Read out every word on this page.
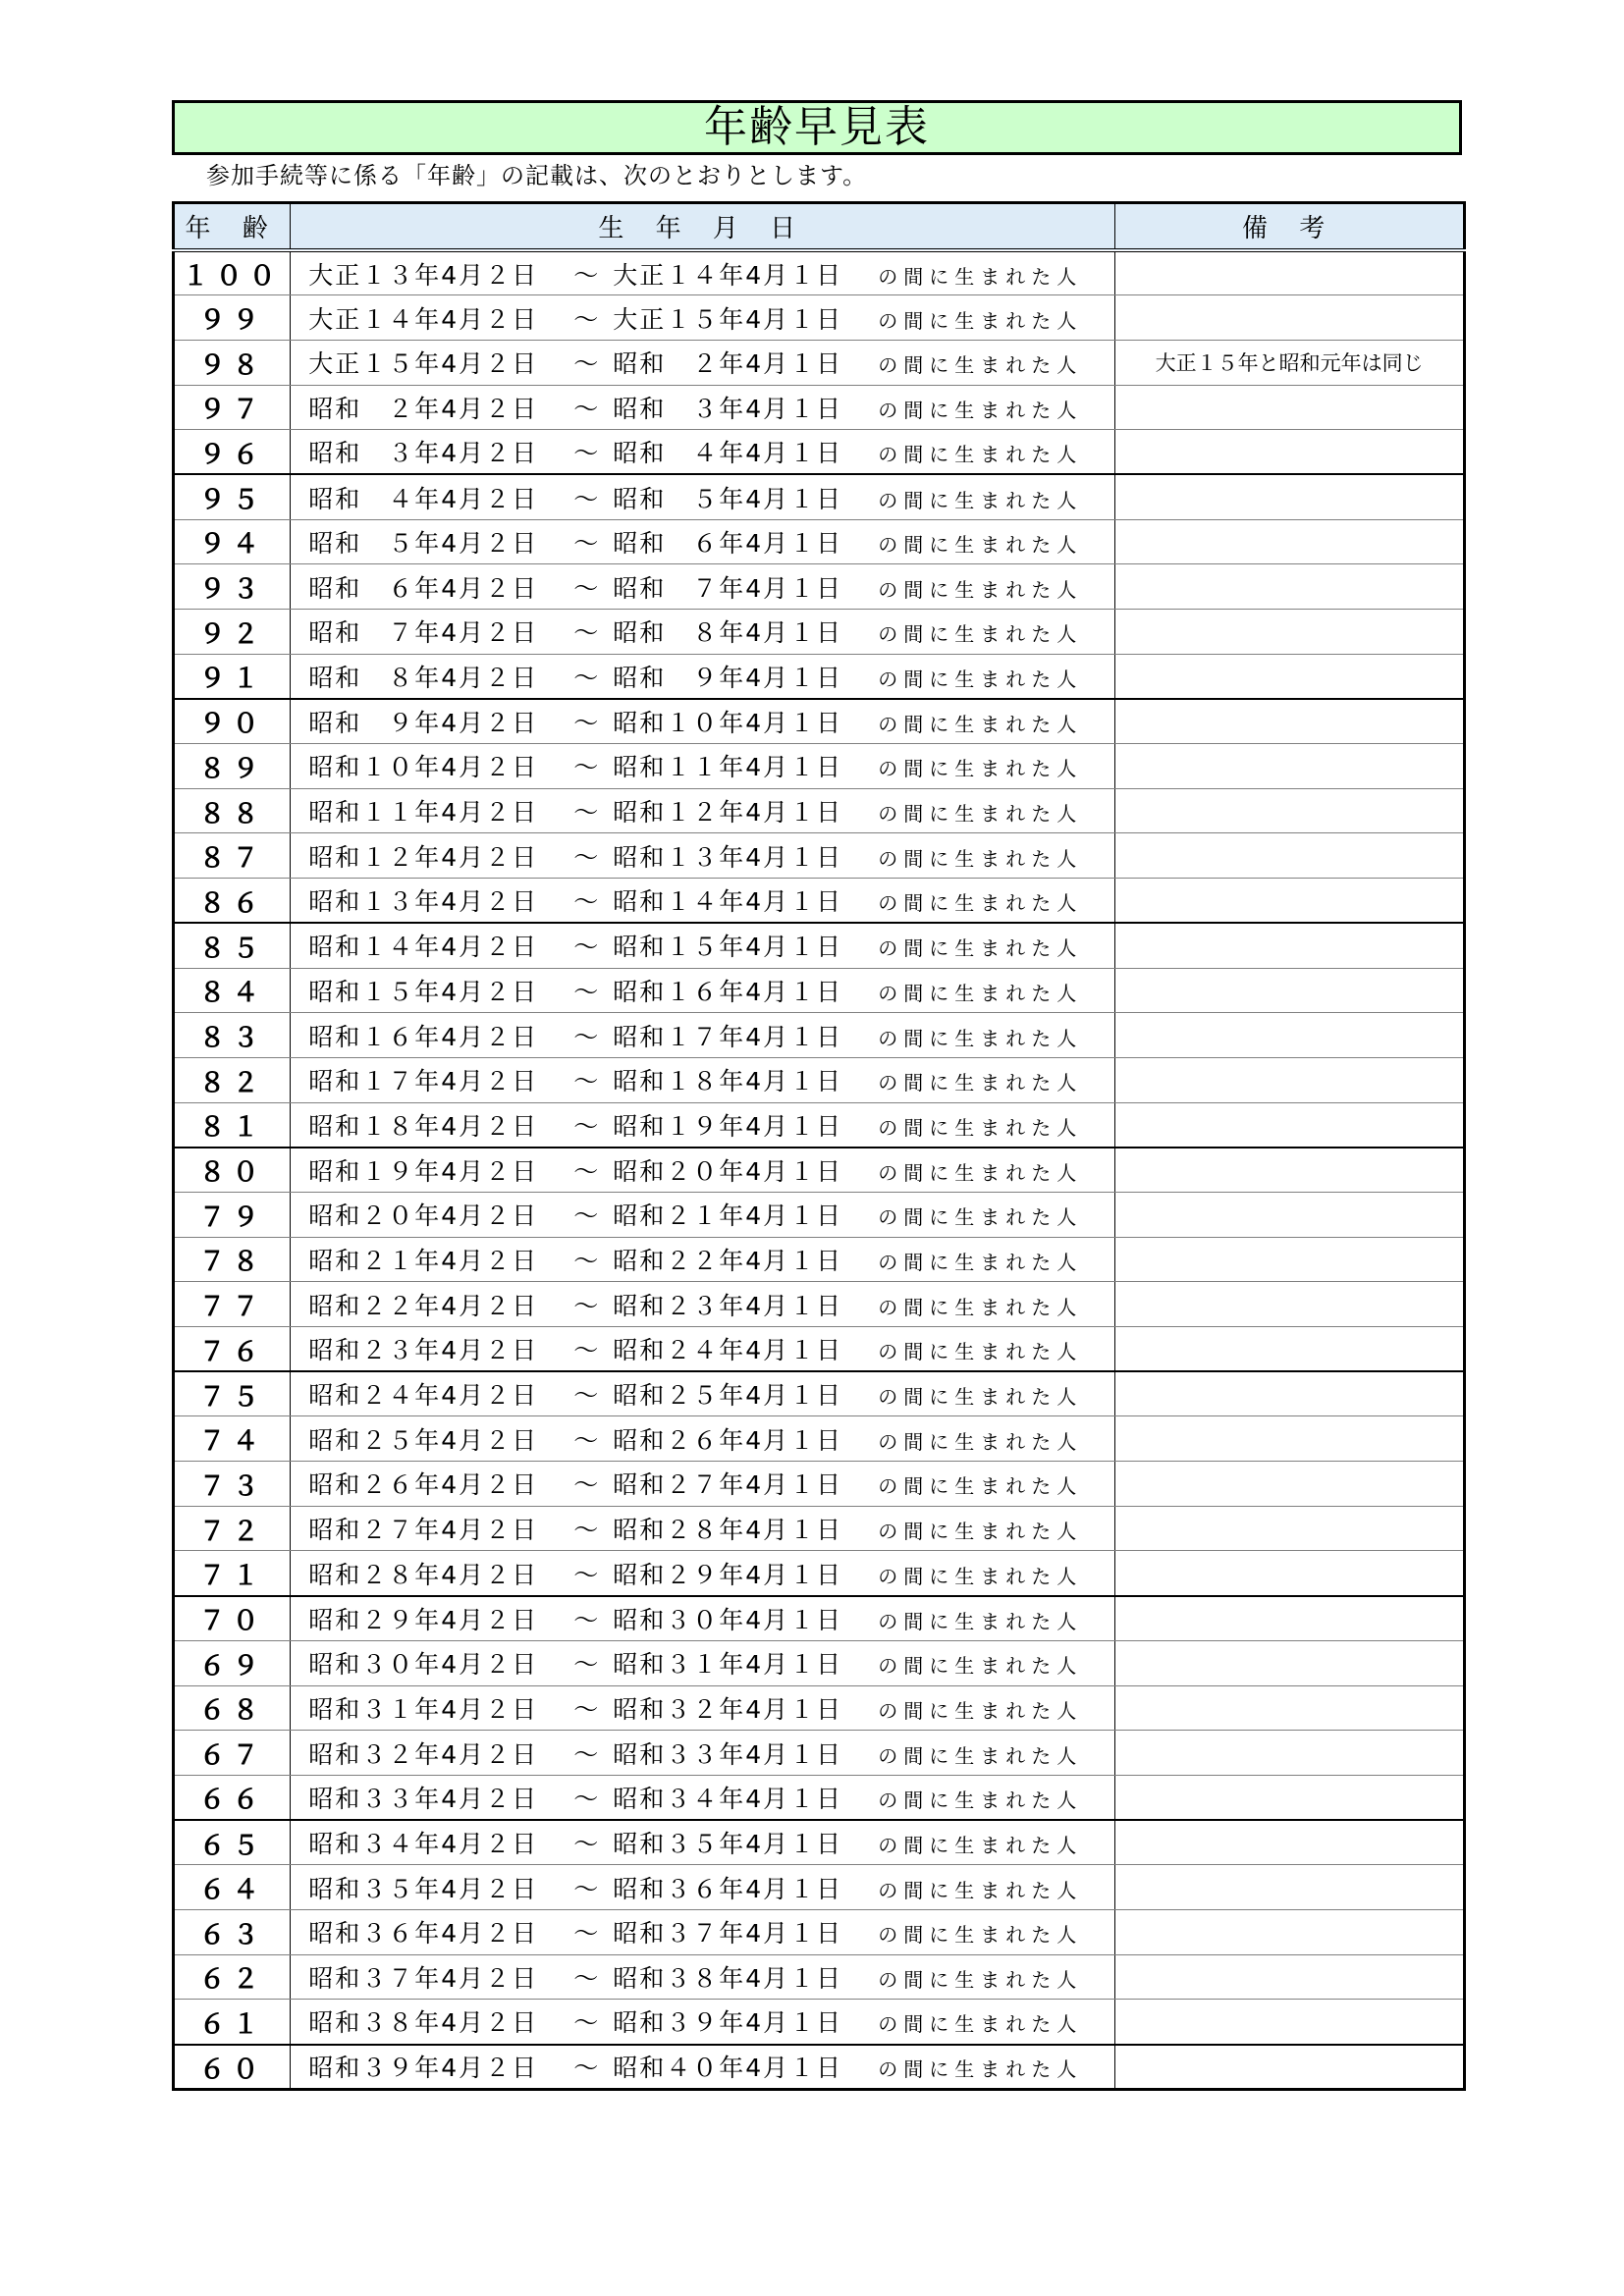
年齢早見表
参加手続等に係る「年齢」の記載は、次のとおりとします。
年 齢	生 年 月 日	備 考
１００	大正１３年4月２日 ～ 大正１４年4月１日 の間に生まれた人	
９９	大正１４年4月２日 ～ 大正１５年4月１日 の間に生まれた人	
９８	大正１５年4月２日 ～ 昭和　２年4月１日 の間に生まれた人	大正１５年と昭和元年は同じ
９７	昭和　２年4月２日 ～ 昭和　３年4月１日 の間に生まれた人	
９６	昭和　３年4月２日 ～ 昭和　４年4月１日 の間に生まれた人	
９５	昭和　４年4月２日 ～ 昭和　５年4月１日 の間に生まれた人	
９４	昭和　５年4月２日 ～ 昭和　６年4月１日 の間に生まれた人	
９３	昭和　６年4月２日 ～ 昭和　７年4月１日 の間に生まれた人	
９２	昭和　７年4月２日 ～ 昭和　８年4月１日 の間に生まれた人	
９１	昭和　８年4月２日 ～ 昭和　９年4月１日 の間に生まれた人	
９０	昭和　９年4月２日 ～ 昭和１０年4月１日 の間に生まれた人	
８９	昭和１０年4月２日 ～ 昭和１１年4月１日 の間に生まれた人	
８８	昭和１１年4月２日 ～ 昭和１２年4月１日 の間に生まれた人	
８７	昭和１２年4月２日 ～ 昭和１３年4月１日 の間に生まれた人	
８６	昭和１３年4月２日 ～ 昭和１４年4月１日 の間に生まれた人	
８５	昭和１４年4月２日 ～ 昭和１５年4月１日 の間に生まれた人	
８４	昭和１５年4月２日 ～ 昭和１６年4月１日 の間に生まれた人	
８３	昭和１６年4月２日 ～ 昭和１７年4月１日 の間に生まれた人	
８２	昭和１７年4月２日 ～ 昭和１８年4月１日 の間に生まれた人	
８１	昭和１８年4月２日 ～ 昭和１９年4月１日 の間に生まれた人	
８０	昭和１９年4月２日 ～ 昭和２０年4月１日 の間に生まれた人	
７９	昭和２０年4月２日 ～ 昭和２１年4月１日 の間に生まれた人	
７８	昭和２１年4月２日 ～ 昭和２２年4月１日 の間に生まれた人	
７７	昭和２２年4月２日 ～ 昭和２３年4月１日 の間に生まれた人	
７６	昭和２３年4月２日 ～ 昭和２４年4月１日 の間に生まれた人	
７５	昭和２４年4月２日 ～ 昭和２５年4月１日 の間に生まれた人	
７４	昭和２５年4月２日 ～ 昭和２６年4月１日 の間に生まれた人	
７３	昭和２６年4月２日 ～ 昭和２７年4月１日 の間に生まれた人	
７２	昭和２７年4月２日 ～ 昭和２８年4月１日 の間に生まれた人	
７１	昭和２８年4月２日 ～ 昭和２９年4月１日 の間に生まれた人	
７０	昭和２９年4月２日 ～ 昭和３０年4月１日 の間に生まれた人	
６９	昭和３０年4月２日 ～ 昭和３１年4月１日 の間に生まれた人	
６８	昭和３１年4月２日 ～ 昭和３２年4月１日 の間に生まれた人	
６７	昭和３２年4月２日 ～ 昭和３３年4月１日 の間に生まれた人	
６６	昭和３３年4月２日 ～ 昭和３４年4月１日 の間に生まれた人	
６５	昭和３４年4月２日 ～ 昭和３５年4月１日 の間に生まれた人	
６４	昭和３５年4月２日 ～ 昭和３６年4月１日 の間に生まれた人	
６３	昭和３６年4月２日 ～ 昭和３７年4月１日 の間に生まれた人	
６２	昭和３７年4月２日 ～ 昭和３８年4月１日 の間に生まれた人	
６１	昭和３８年4月２日 ～ 昭和３９年4月１日 の間に生まれた人	
６０	昭和３９年4月２日 ～ 昭和４０年4月１日 の間に生まれた人	
